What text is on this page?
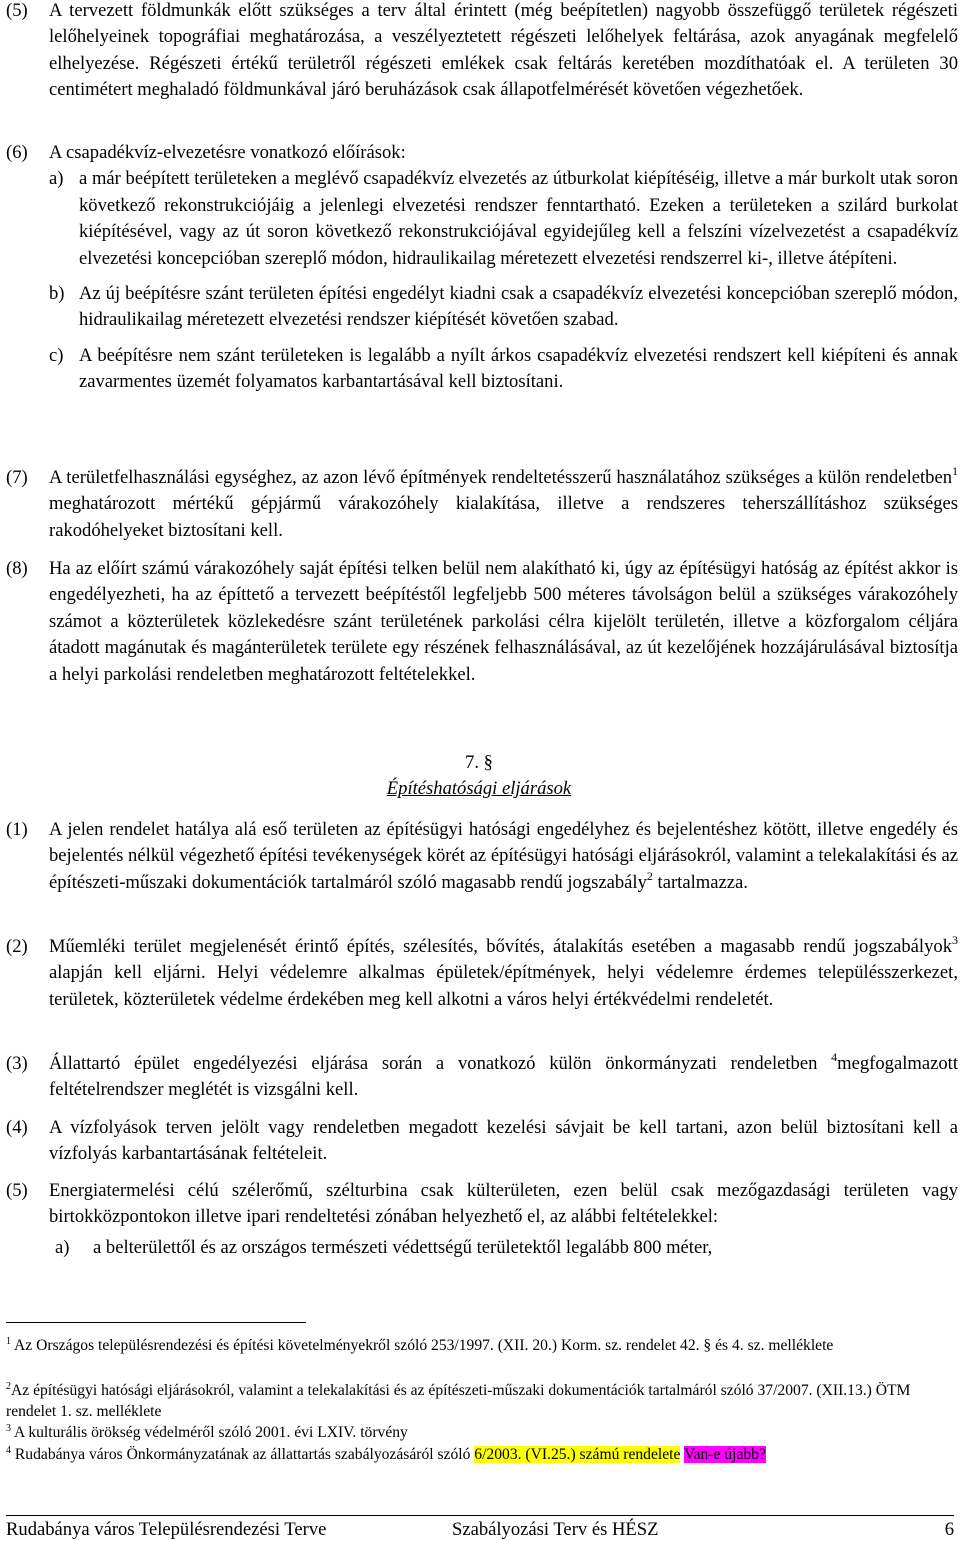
(5) A tervezett földmunkák előtt szükséges a terv által érintett (még beépítetlen) nagyobb összefüggő területek régészeti lelőhelyeinek topográfiai meghatározása, a veszélyeztetett régészeti lelőhelyek feltárása, azok anyagának megfelelő elhelyezése. Régészeti értékű területről régészeti emlékek csak feltárás keretében mozdíthatóak el. A területen 30 centimétert meghaladó földmunkával járó beruházások csak állapotfelmérését követően végezhetőek.
(6) A csapadékvíz-elvezetésre vonatkozó előírások:
a) a már beépített területeken a meglévő csapadékvíz elvezetés az útburkolat kiépítéséig, illetve a már burkolt utak soron következő rekonstrukciójáig a jelenlegi elvezetési rendszer fenntartható. Ezeken a területeken a szilárd burkolat kiépítésével, vagy az út soron következő rekonstrukciójával egyidejűleg kell a felszíni vízelvezetést a csapadékvíz elvezetési koncepcióban szereplő módon, hidraulikailag méretezett elvezetési rendszerrel ki-, illetve átépíteni.
b) Az új beépítésre szánt területen építési engedélyt kiadni csak a csapadékvíz elvezetési koncepcióban szereplő módon, hidraulikailag méretezett elvezetési rendszer kiépítését követően szabad.
c) A beépítésre nem szánt területeken is legalább a nyílt árkos csapadékvíz elvezetési rendszert kell kiépíteni és annak zavarmentes üzemét folyamatos karbantartásával kell biztosítani.
(7) A területfelhasználási egységhez, az azon lévő építmények rendeltetésszerű használatához szükséges a külön rendeletben$^1$ meghatározott mértékű gépjármű várakozóhely kialakítása, illetve a rendszeres teherszállításhoz szükséges rakodóhelyeket biztosítani kell.
(8) Ha az előírt számú várakozóhely saját építési telken belül nem alakítható ki, úgy az építésügyi hatóság az építést akkor is engedélyezheti, ha az építtető a tervezett beépítéstől legfeljebb 500 méteres távolságon belül a szükséges várakozóhely számot a közterületek közlekedésre szánt területének parkolási célra kijelölt területén, illetve a közforgalom céljára átadott magánutak és magánterületek területe egy részének felhasználásával, az út kezelőjének hozzájárulásával biztosítja a helyi parkolási rendeletben meghatározott feltételekkel.
7. §
Építéshatósági eljárások
(1) A jelen rendelet hatálya alá eső területen az építésügyi hatósági engedélyhez és bejelentéshez kötött, illetve engedély és bejelentés nélkül végezhető építési tevékenységek körét az építésügyi hatósági eljárásokról, valamint a telekalakítási és az építészeti-műszaki dokumentációk tartalmáról szóló magasabb rendű jogszabály$^2$ tartalmazza.
(2) Műemléki terület megjelenését érintő építés, szélesítés, bővítés, átalakítás esetében a magasabb rendű jogszabályok$^3$ alapján kell eljárni. Helyi védelemre alkalmas épületek/építmények, helyi védelemre érdemes településszerkezet, területek, közterületek védelme érdekében meg kell alkotni a város helyi értékvédelmi rendeletét.
(3) Állattartó épület engedélyezési eljárása során a vonatkozó külön önkormányzati rendeletben $^4$megfogalmazott feltételrendszer meglétét is vizsgálni kell.
(4) A vízfolyások terven jelölt vagy rendeletben megadott kezelési sávjait be kell tartani, azon belül biztosítani kell a vízfolyás karbantartásának feltételeit.
(5) Energiatermelési célú szélerőmű, szélturbina csak külterületen, ezen belül csak mezőgazdasági területen vagy birtokközpontokon illetve ipari rendeltetési zónában helyezhető el, az alábbi feltételekkel:
a) a belterülettől és az országos természeti védettségű területektől legalább 800 méter,
$^1$ Az Országos településrendezési és építési követelményekről szóló 253/1997. (XII. 20.) Korm. sz. rendelet 42. § és 4. sz. melléklete
$^2$Az építésügyi hatósági eljárásokról, valamint a telekalakítási és az építészeti-műszaki dokumentációk tartalmáról szóló 37/2007. (XII.13.) ÖTM rendelet 1. sz. melléklete
$^3$ A kulturális örökség védelméről szóló 2001. évi LXIV. törvény
$^4$ Rudabánya város Önkormányzatának az állattartás szabályozásáról szóló 6/2003. (VI.25.) számú rendelete Van-e újabb?
Rudabánya város Településrendezési Terve	Szabályozási Terv és HÉSZ	6
